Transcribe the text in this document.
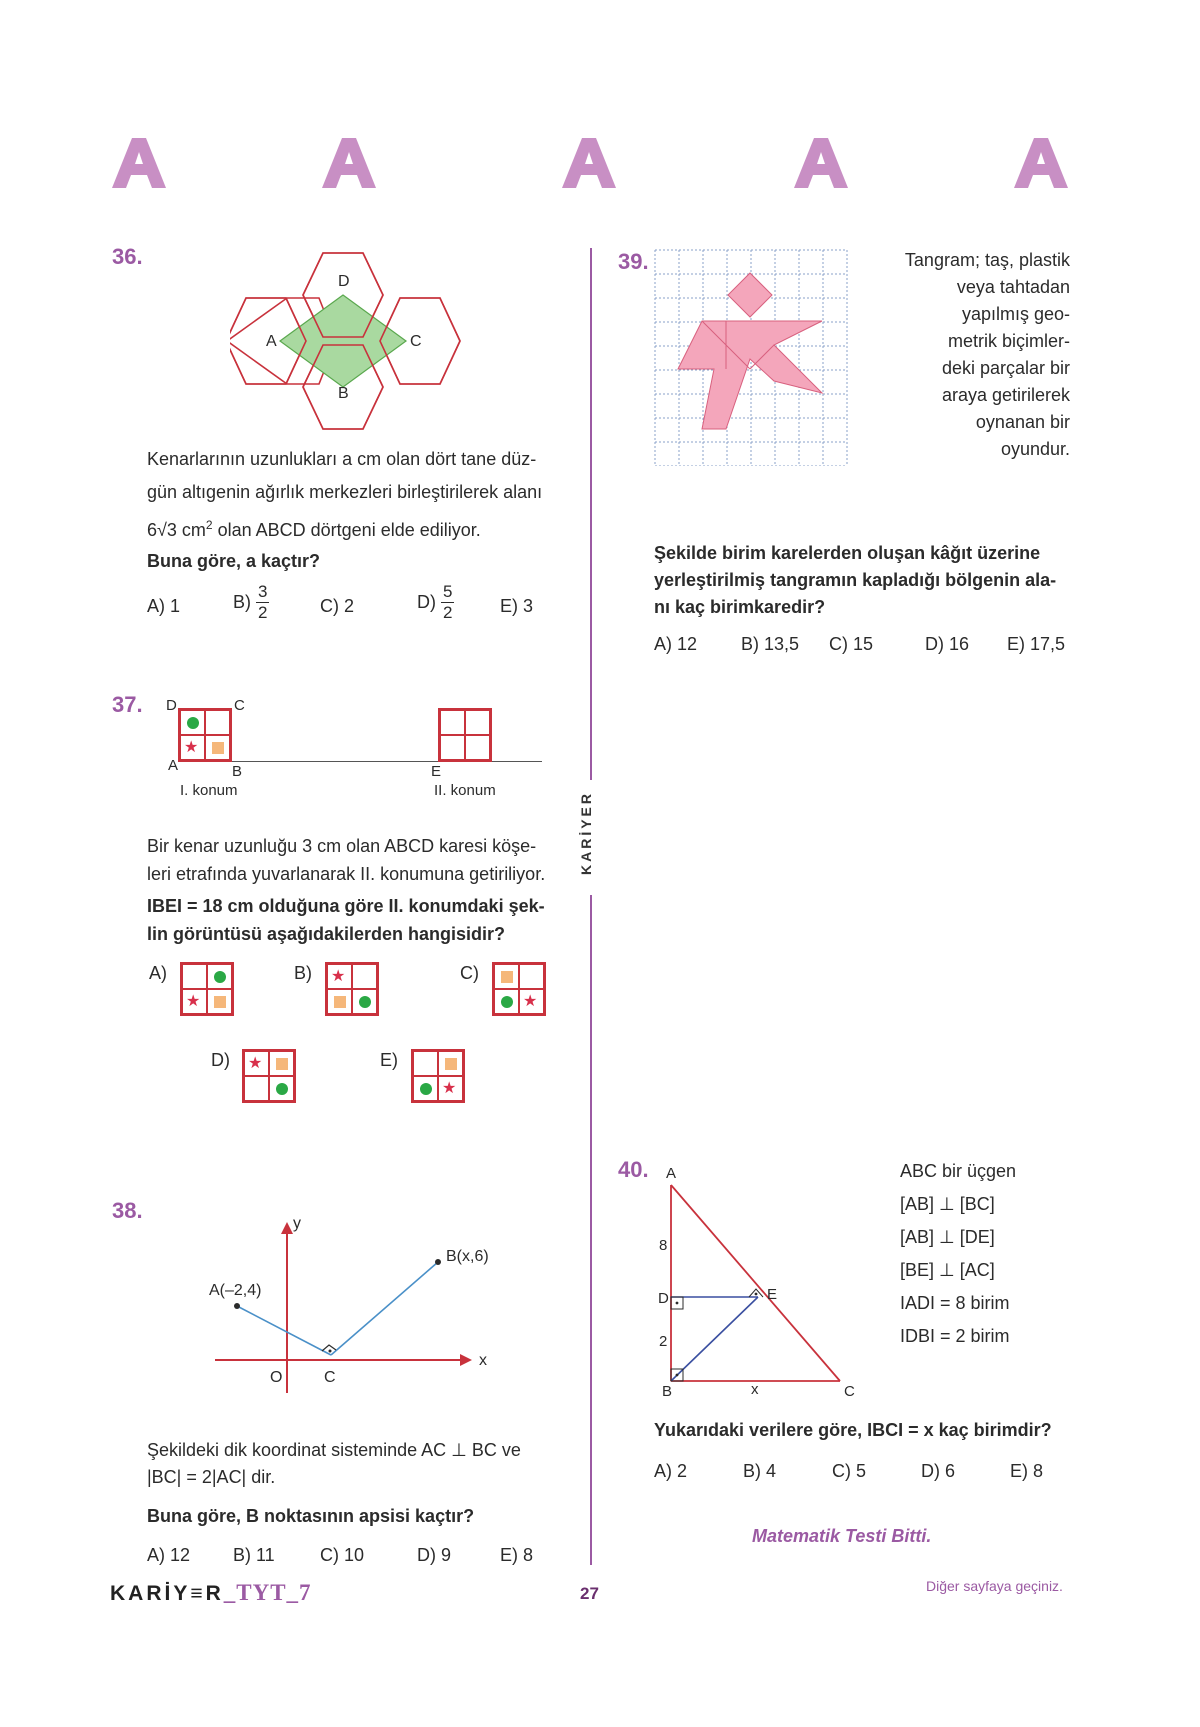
KARİYER
36.
D
A	C
B
Kenarlarının uzunlukları a cm olan dört tane düz-
gün altıgenin ağırlık merkezleri birleştirilerek alanı
6√3 $cm^2$ olan ABCD dörtgeni elde ediliyor.
Buna göre, a kaçtır?
A) 1	$B) \frac{3}{2}$	C) 2	$D) \frac{5}{2}$	E) 3
37. D	C
A	B
★
E
I. konum	II. konum
Bir kenar uzunluğu 3 cm olan ABCD karesi köşe-
leri etrafında yuvarlanarak II. konumuna getiriliyor.
IBEI = 18 cm olduğuna göre II. konumdaki şek-
lin görüntüsü aşağıdakilerden hangisidir?
A)
★
B) ★	C)
★
D) ★	E)
★
38.
y
x
O	C
A(–2,4)
B(x,6)
Şekildeki dik koordinat sisteminde AC ⊥ BC ve
|BC| = 2|AC| dir.
Buna göre, B noktasının apsisi kaçtır?
A) 12 B) 11	C) 10	D) 9	E) 8
39.	Tangram; taş, plastik
veya tahtadan
yapılmış geo-
metrik biçimler-
deki parçalar bir
araya getirilerek
oynanan bir
oyundur.
Şekilde birim karelerden oluşan kâğıt üzerine
yerleştirilmiş tangramın kapladığı bölgenin ala-
nı kaç birimkaredir?
A) 12 B) 13,5 C) 15	D) 16 E) 17,5
40. A
B	C
D	E
8
2
x
ABC bir üçgen
[AB] ⊥ [BC]
[AB] ⊥ [DE]
[BE] ⊥ [AC]
IADI = 8 birim
IDBI = 2 birim
Yukarıdaki verilere göre, IBCI = x kaç birimdir?
A) 2	B) 4	C) 5	D) 6	E) 8
Matematik Testi Bitti.
KARİY≡R_TYT_7	27	Diğer sayfaya geçiniz.
